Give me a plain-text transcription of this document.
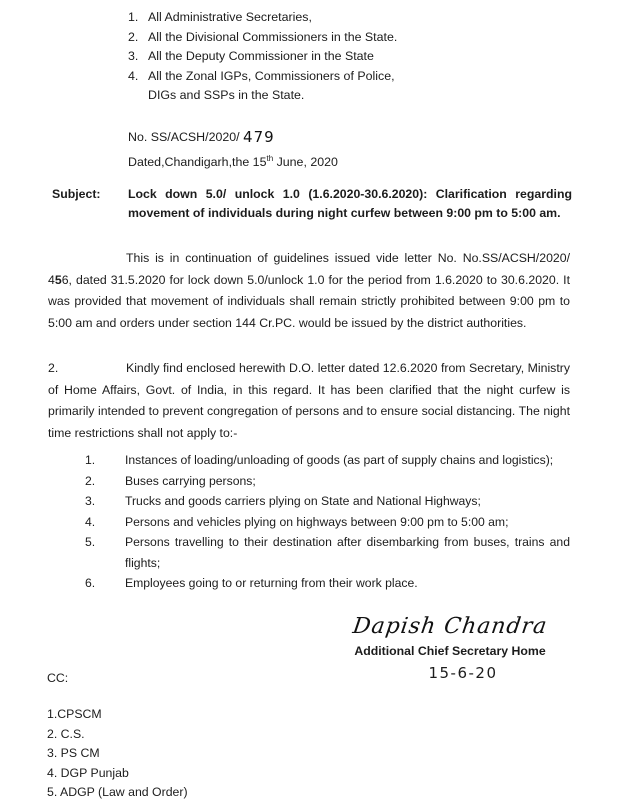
1. All Administrative Secretaries,
2. All the Divisional Commissioners in the State.
3. All the Deputy Commissioner in the State
4. All the Zonal IGPs, Commissioners of Police,
DIGs and SSPs in the State.
No. SS/ACSH/2020/ 479
Dated,Chandigarh,the 15th June, 2020
Subject:	Lock down 5.0/ unlock 1.0 (1.6.2020-30.6.2020): Clarification regarding movement of individuals during night curfew between 9:00 pm to 5:00 am.
This is in continuation of guidelines issued vide letter No. No.SS/ACSH/2020/ 456, dated 31.5.2020 for lock down 5.0/unlock 1.0 for the period from 1.6.2020 to 30.6.2020. It was provided that movement of individuals shall remain strictly prohibited between 9:00 pm to 5:00 am and orders under section 144 Cr.PC. would be issued by the district authorities.
2.	Kindly find enclosed herewith D.O. letter dated 12.6.2020 from Secretary, Ministry of Home Affairs, Govt. of India, in this regard. It has been clarified that the night curfew is primarily intended to prevent congregation of persons and to ensure social distancing. The night time restrictions shall not apply to:-
1.	Instances of loading/unloading of goods (as part of supply chains and logistics);
2.	Buses carrying persons;
3.	Trucks and goods carriers plying on State and National Highways;
4.	Persons and vehicles plying on highways between 9:00 pm to 5:00 am;
5.	Persons travelling to their destination after disembarking from buses, trains and flights;
6.	Employees going to or returning from their work place.
Dapish Chandra
Additional Chief Secretary Home
15-6-20
CC:
1.CPSCM
2. C.S.
3. PS CM
4. DGP Punjab
5. ADGP (Law and Order)
